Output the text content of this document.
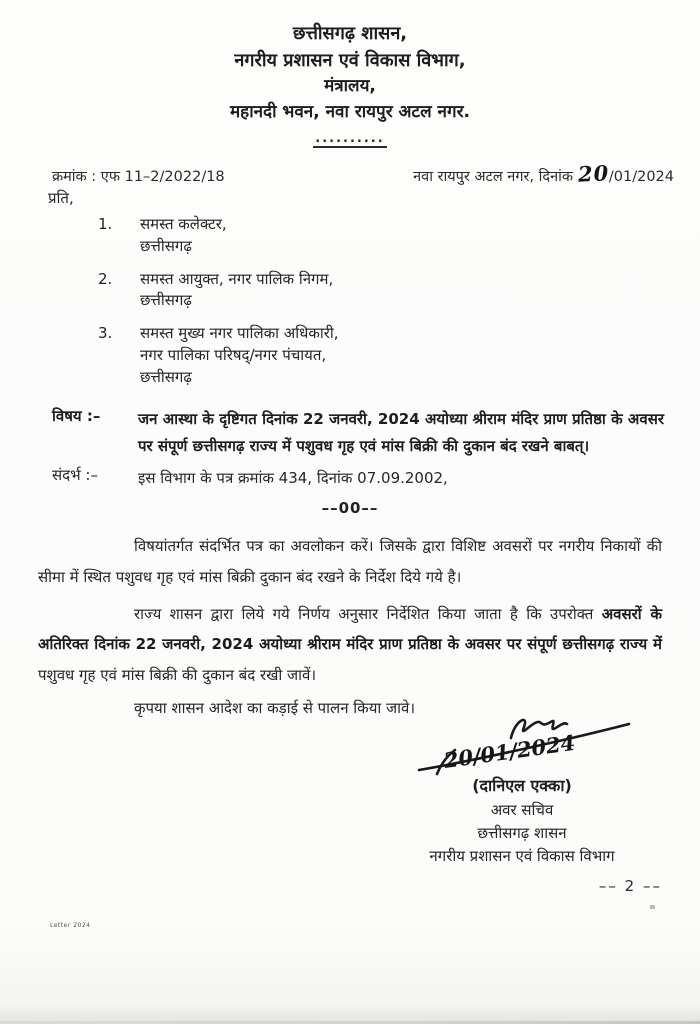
छत्तीसगढ़ शासन,
नगरीय प्रशासन एवं विकास विभाग,
मंत्रालय,
महानदी भवन, नवा रायपुर अटल नगर.
..........
क्रमांक : एफ 11–2/2022/18	नवा रायपुर अटल नगर, दिनांक 20/01/2024
प्रति,
1.	समस्त कलेक्टर,
छत्तीसगढ़
2.	समस्त आयुक्त, नगर पालिक निगम,
छत्तीसगढ़
3.	समस्त मुख्य नगर पालिका अधिकारी,
नगर पालिका परिषद्/नगर पंचायत,
छत्तीसगढ़
विषय :–	जन आस्था के दृष्टिगत दिनांक 22 जनवरी, 2024 अयोध्या श्रीराम मंदिर प्राण प्रतिष्ठा के अवसर पर संपूर्ण छत्तीसगढ़ राज्य में पशुवध गृह एवं मांस बिक्री की दुकान बंद रखने बाबत्।
संदर्भ :–	इस विभाग के पत्र क्रमांक 434, दिनांक 07.09.2002,
––00––

विषयांतर्गत संदर्भित पत्र का अवलोकन करें। जिसके द्वारा विशिष्ट अवसरों पर नगरीय निकायों की सीमा में स्थित पशुवध गृह एवं मांस बिक्री दुकान बंद रखने के निर्देश दिये गये है।

राज्य शासन द्वारा लिये गये निर्णय अनुसार निर्देशित किया जाता है कि उपरोक्त अवसरों के अतिरिक्त दिनांक 22 जनवरी, 2024 अयोध्या श्रीराम मंदिर प्राण प्रतिष्ठा के अवसर पर संपूर्ण छत्तीसगढ़ राज्य में पशुवध गृह एवं मांस बिक्री की दुकान बंद रखी जावें।

कृपया शासन आदेश का कड़ाई से पालन किया जावे।

20/01/2024
(दानिएल एक्का)
अवर सचिव
छत्तीसगढ़ शासन
नगरीय प्रशासन एवं विकास विभाग
–– 2 ––
Letter 2024
